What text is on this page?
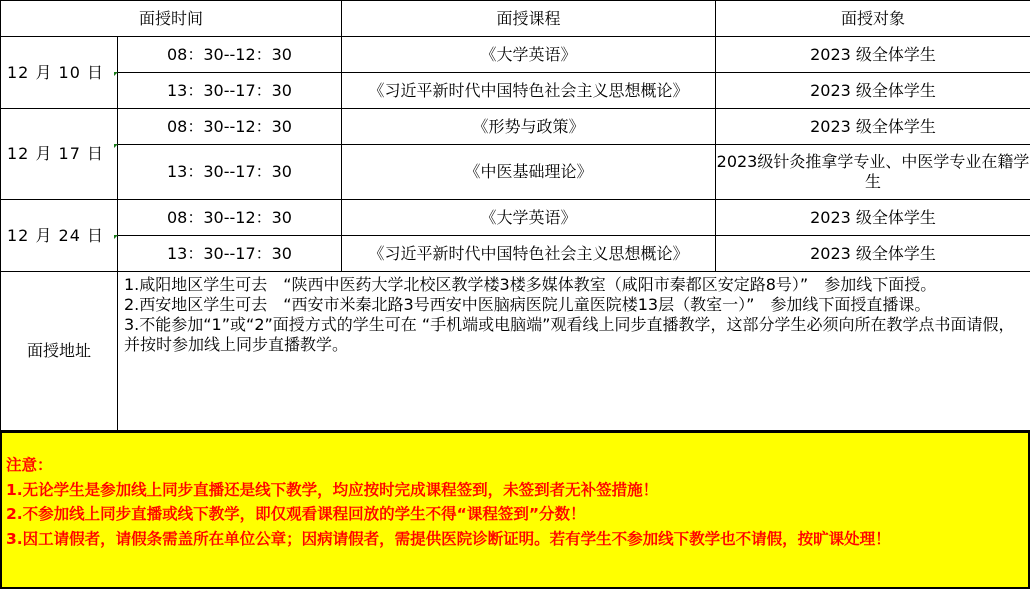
面授时间		面授课程	面授对象
12 月 10 日	08：30--12：30	《大学英语》	2023 级全体学生
	13：30--17：30	《习近平新时代中国特色社会主义思想概论》	2023 级全体学生
12 月 17 日	08：30--12：30	《形势与政策》	2023 级全体学生
	13：30--17：30	《中医基础理论》	2023级针灸推拿学专业、中医学专业在籍学生
12 月 24 日	08：30--12：30	《大学英语》	2023 级全体学生
	13：30--17：30	《习近平新时代中国特色社会主义思想概论》	2023 级全体学生
面授地址	1.咸阳地区学生可去　“陕西中医药大学北校区教学楼3楼多媒体教室（咸阳市秦都区安定路8号）”　参加线下面授。

2.西安地区学生可去　“西安市米秦北路3号西安中医脑病医院儿童医院楼13层（教室一）”　参加线下面授直播课。

3.不能参加“1”或“2”面授方式的学生可在 “手机端或电脑端”观看线上同步直播教学，这部分学生必须向所在教学点书面请假，并按时参加线上同步直播教学。		

注意：

1.无论学生是参加线上同步直播还是线下教学，均应按时完成课程签到，未签到者无补签措施！

2.不参加线上同步直播或线下教学，即仅观看课程回放的学生不得“课程签到”分数！

3.因工请假者，请假条需盖所在单位公章；因病请假者，需提供医院诊断证明。若有学生不参加线下教学也不请假，按旷课处理！
